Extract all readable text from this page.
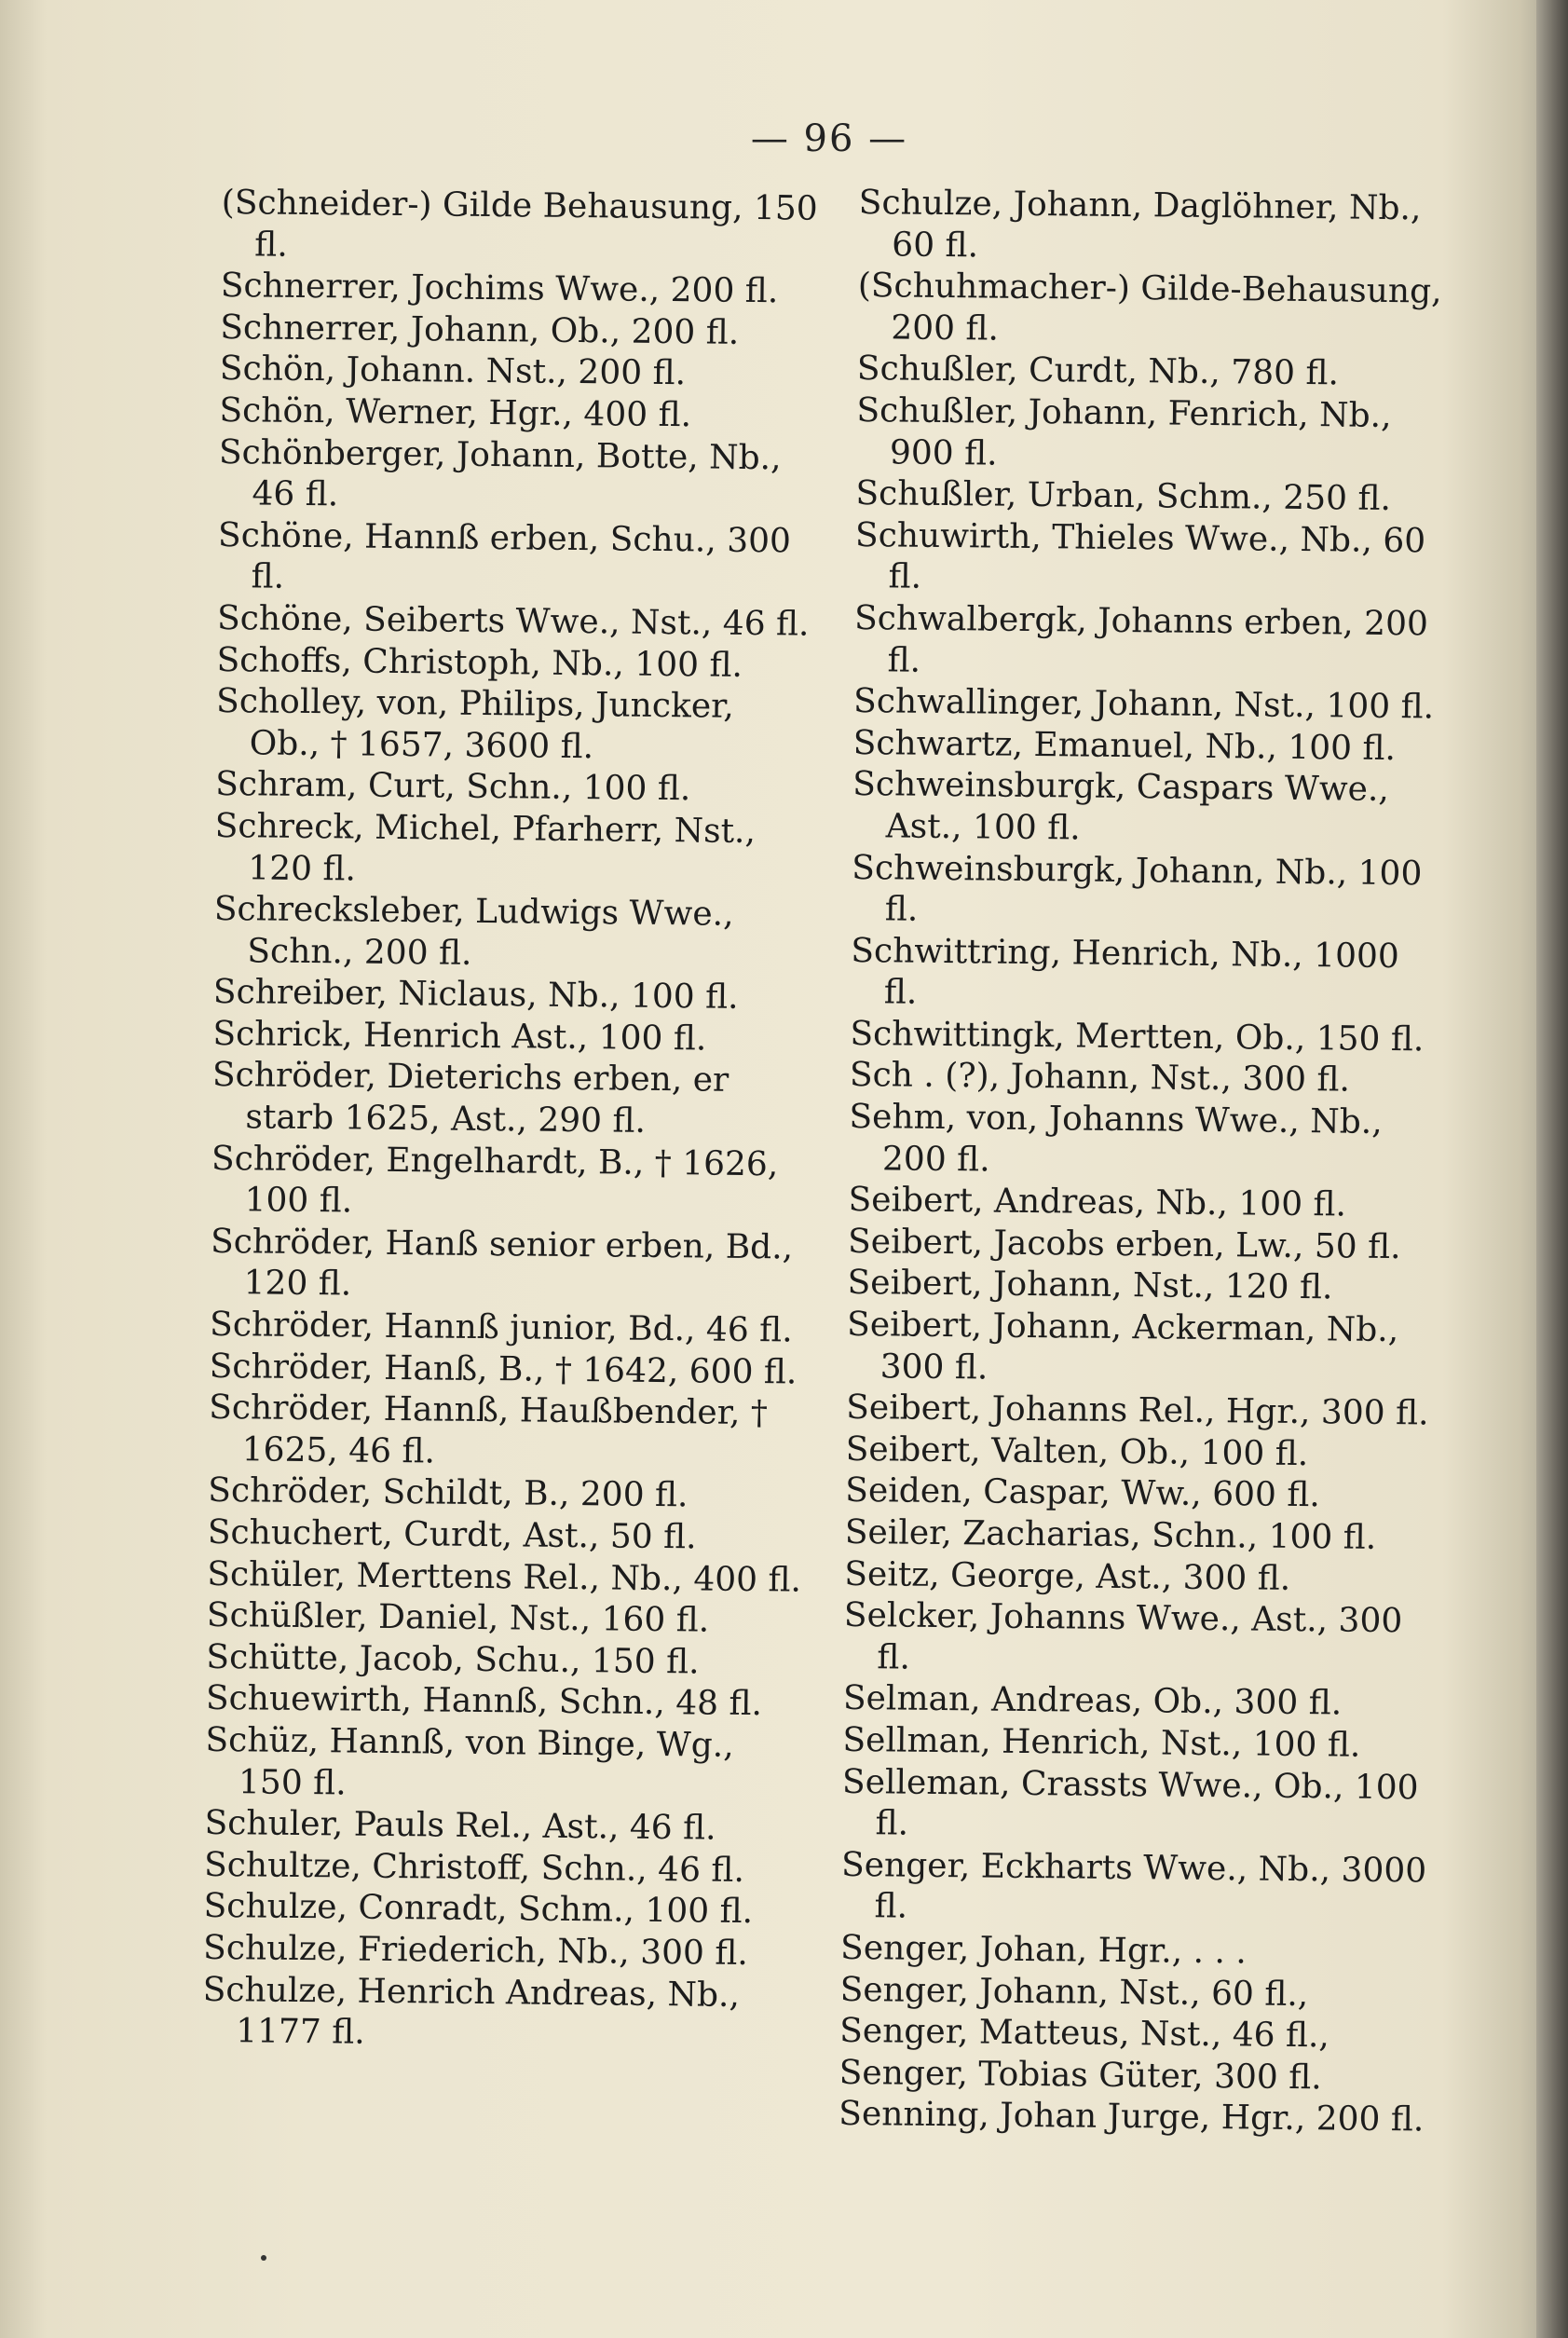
— 96 —
(Schneider-) Gilde Behausung, 150 fl.
Schnerrer, Jochims Wwe., 200 fl.
Schnerrer, Johann, Ob., 200 fl.
Schön, Johann. Nst., 200 fl.
Schön, Werner, Hgr., 400 fl.
Schönberger, Johann, Botte, Nb., 46 fl.
Schöne, Hannß erben, Schu., 300 fl.
Schöne, Seiberts Wwe., Nst., 46 fl.
Schoffs, Christoph, Nb., 100 fl.
Scholley, von, Philips, Juncker, Ob., † 1657, 3600 fl.
Schram, Curt, Schn., 100 fl.
Schreck, Michel, Pfarherr, Nst., 120 fl.
Schrecksleber, Ludwigs Wwe., Schn., 200 fl.
Schreiber, Niclaus, Nb., 100 fl.
Schrick, Henrich Ast., 100 fl.
Schröder, Dieterichs erben, er starb 1625, Ast., 290 fl.
Schröder, Engelhardt, B., † 1626, 100 fl.
Schröder, Hanß senior erben, Bd., 120 fl.
Schröder, Hannß junior, Bd., 46 fl.
Schröder, Hanß, B., † 1642, 600 fl.
Schröder, Hannß, Haußbender, † 1625, 46 fl.
Schröder, Schildt, B., 200 fl.
Schuchert, Curdt, Ast., 50 fl.
Schüler, Merttens Rel., Nb., 400 fl.
Schüßler, Daniel, Nst., 160 fl.
Schütte, Jacob, Schu., 150 fl.
Schuewirth, Hannß, Schn., 48 fl.
Schüz, Hannß, von Binge, Wg., 150 fl.
Schuler, Pauls Rel., Ast., 46 fl.
Schultze, Christoff, Schn., 46 fl.
Schulze, Conradt, Schm., 100 fl.
Schulze, Friederich, Nb., 300 fl.
Schulze, Henrich Andreas, Nb., 1177 fl.
Schulze, Johann, Daglöhner, Nb., 60 fl.
(Schuhmacher-) Gilde-Behausung, 200 fl.
Schußler, Curdt, Nb., 780 fl.
Schußler, Johann, Fenrich, Nb., 900 fl.
Schußler, Urban, Schm., 250 fl.
Schuwirth, Thieles Wwe., Nb., 60 fl.
Schwalbergk, Johanns erben, 200 fl.
Schwallinger, Johann, Nst., 100 fl.
Schwartz, Emanuel, Nb., 100 fl.
Schweinsburgk, Caspars Wwe., Ast., 100 fl.
Schweinsburgk, Johann, Nb., 100 fl.
Schwittring, Henrich, Nb., 1000 fl.
Schwittingk, Mertten, Ob., 150 fl.
Sch . (?), Johann, Nst., 300 fl.
Sehm, von, Johanns Wwe., Nb., 200 fl.
Seibert, Andreas, Nb., 100 fl.
Seibert, Jacobs erben, Lw., 50 fl.
Seibert, Johann, Nst., 120 fl.
Seibert, Johann, Ackerman, Nb., 300 fl.
Seibert, Johanns Rel., Hgr., 300 fl.
Seibert, Valten, Ob., 100 fl.
Seiden, Caspar, Ww., 600 fl.
Seiler, Zacharias, Schn., 100 fl.
Seitz, George, Ast., 300 fl.
Selcker, Johanns Wwe., Ast., 300 fl.
Selman, Andreas, Ob., 300 fl.
Sellman, Henrich, Nst., 100 fl.
Selleman, Crassts Wwe., Ob., 100 fl.
Senger, Eckharts Wwe., Nb., 3000 fl.
Senger, Johan, Hgr., . . .
Senger, Johann, Nst., 60 fl.,
Senger, Matteus, Nst., 46 fl.,
Senger, Tobias Güter, 300 fl.
Senning, Johan Jurge, Hgr., 200 fl.
